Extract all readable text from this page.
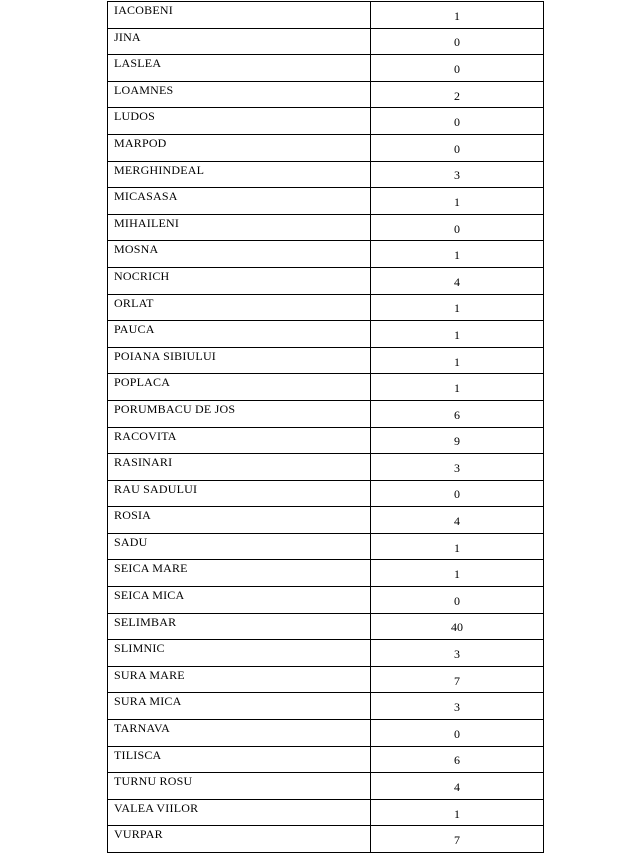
IACOBENI	1
JINA	0
LASLEA	0
LOAMNES	2
LUDOS	0
MARPOD	0
MERGHINDEAL	3
MICASASA	1
MIHAILENI	0
MOSNA	1
NOCRICH	4
ORLAT	1
PAUCA	1
POIANA SIBIULUI	1
POPLACA	1
PORUMBACU DE JOS	6
RACOVITA	9
RASINARI	3
RAU SADULUI	0
ROSIA	4
SADU	1
SEICA MARE	1
SEICA MICA	0
SELIMBAR	40
SLIMNIC	3
SURA MARE	7
SURA MICA	3
TARNAVA	0
TILISCA	6
TURNU ROSU	4
VALEA VIILOR	1
VURPAR	7
